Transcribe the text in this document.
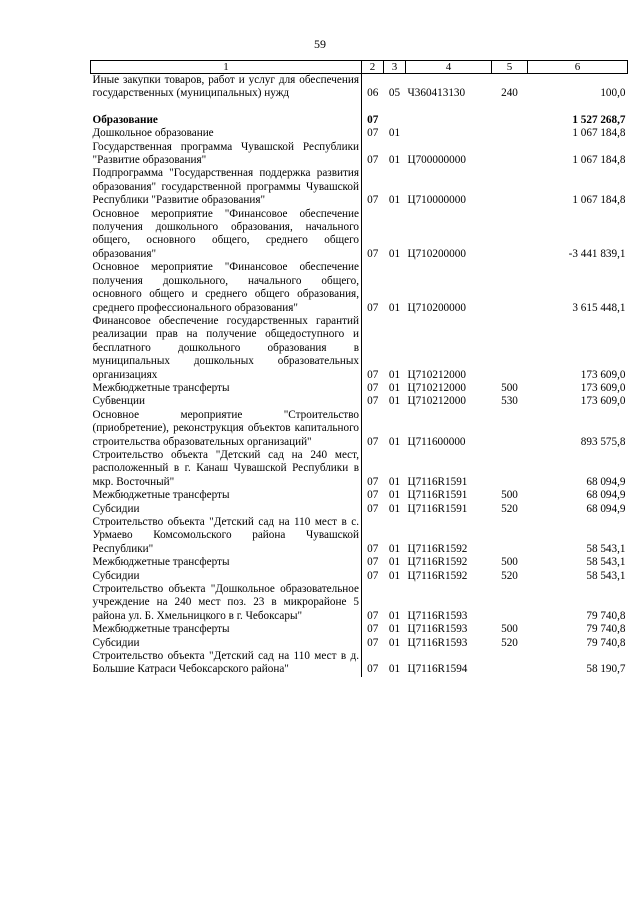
59
1	2	3	4	5	6
Иные закупки товаров, работ и услуг для обеспечения государственных (муниципальных) нужд	06	05	Ч360413130	240	100,0

Образование	07				1 527 268,7
Дошкольное образование	07	01			1 067 184,8
Государственная программа Чувашской Республики "Развитие образования"	07	01	Ц700000000		1 067 184,8
Подпрограмма "Государственная поддержка развития образования" государственной программы Чувашской Республики "Развитие образования"	07	01	Ц710000000		1 067 184,8
Основное мероприятие "Финансовое обеспечение получения дошкольного образования, начального общего, основного общего, среднего общего образования"	07	01	Ц710200000		-3 441 839,1
Основное мероприятие "Финансовое обеспечение получения дошкольного, начального общего, основного общего и среднего общего образования, среднего профессионального образования"	07	01	Ц710200000		3 615 448,1
Финансовое обеспечение государственных гарантий реализации прав на получение общедоступного и бесплатного дошкольного образования в муниципальных дошкольных образовательных организациях	07	01	Ц710212000		173 609,0
Межбюджетные трансферты	07	01	Ц710212000	500	173 609,0
Субвенции	07	01	Ц710212000	530	173 609,0
Основное мероприятие "Строительство (приобретение), реконструкция объектов капитального строительства образовательных организаций"	07	01	Ц711600000		893 575,8
Строительство объекта "Детский сад на 240 мест, расположенный в г. Канаш Чувашской Республики в мкр. Восточный"	07	01	Ц7116R1591		68 094,9
Межбюджетные трансферты	07	01	Ц7116R1591	500	68 094,9
Субсидии	07	01	Ц7116R1591	520	68 094,9
Строительство объекта "Детский сад на 110 мест в с. Урмаево Комсомольского района Чувашской Республики"	07	01	Ц7116R1592		58 543,1
Межбюджетные трансферты	07	01	Ц7116R1592	500	58 543,1
Субсидии	07	01	Ц7116R1592	520	58 543,1
Строительство объекта "Дошкольное образовательное учреждение на 240 мест поз. 23 в микрорайоне 5 района ул. Б. Хмельницкого в г. Чебоксары"	07	01	Ц7116R1593		79 740,8
Межбюджетные трансферты	07	01	Ц7116R1593	500	79 740,8
Субсидии	07	01	Ц7116R1593	520	79 740,8
Строительство объекта "Детский сад на 110 мест в д. Большие Катраси Чебоксарского района"	07	01	Ц7116R1594		58 190,7
